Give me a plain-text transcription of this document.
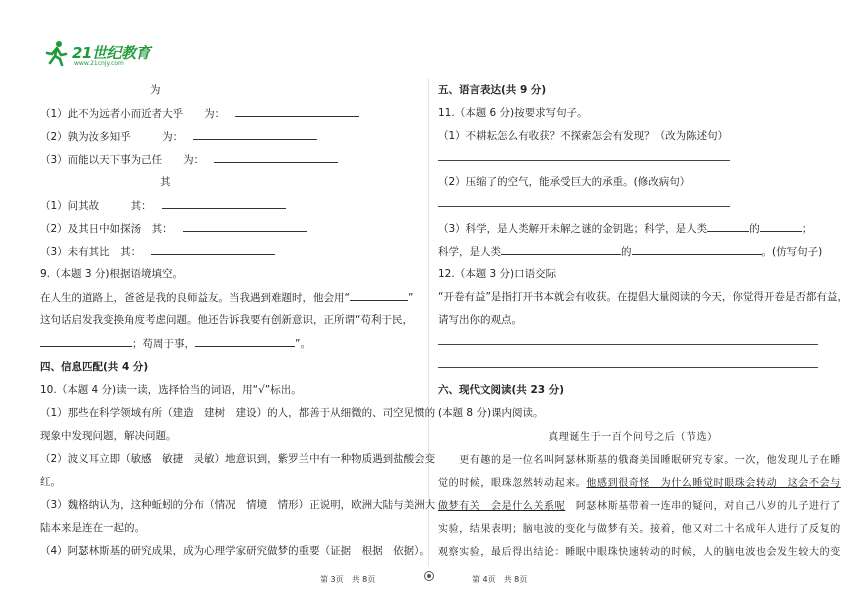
21世纪教育
www.21cnjy.com
为
（1）此不为远者小而近者大乎　　为：
（2）孰为汝多知乎　　　为：
（3）而能以天下事为己任　　为：
其
（1）问其故　　　其：
（2）及其日中如探汤　其：
（3）未有其比　其：
9.（本题 3 分)根据语境填空。
在人生的道路上，爸爸是我的良师益友。当我遇到难题时，他会用“	”
这句话启发我变换角度考虑问题。他还告诉我要有创新意识，正所谓“苟利于民，
；苟周于事，	”。
四、信息匹配(共 4 分)
10.（本题 4 分)读一读，选择恰当的词语，用“√”标出。
（1）那些在科学领域有所（建造　建树　建设）的人，都善于从细微的、司空见惯的
现象中发现问题，解决问题。
（2）波义耳立即（敏感　敏捷　灵敏）地意识到，紫罗兰中有一种物质遇到盐酸会变
红。
（3）魏格纳认为，这种蚯蚓的分布（情况　情境　情形）正说明，欧洲大陆与美洲大
陆本来是连在一起的。
（4）阿瑟林斯基的研究成果，成为心理学家研究做梦的重要（证据　根据　依据）。
五、语言表达(共 9 分)
11.（本题 6 分)按要求写句子。
（1）不耕耘怎么有收获？不探索怎会有发现？（改为陈述句）
（2）压缩了的空气，能承受巨大的承重。(修改病句）
（3）科学，是人类解开未解之谜的金钥匙；科学，是人类	的	；
科学，是人类	的	。(仿写句子)
12.（本题 3 分)口语交际
“开卷有益”是指打开书本就会有收获。在提倡大量阅读的今天，你觉得开卷是否都有益，
请写出你的观点。
六、现代文阅读(共 23 分)
(本题 8 分)课内阅读。
真理诞生于一百个问号之后（节选）
　　更有趣的是一位名叫阿瑟林斯基的俄裔美国睡眠研究专家。一次，他发现儿子在睡
觉的时候，眼珠忽然转动起来。他感到很奇怪　为什么睡觉时眼珠会转动　这会不会与
做梦有关　会是什么关系呢　 阿瑟林斯基带着一连串的疑问，对自己八岁的儿子进行了
实验，结果表明；脑电波的变化与做梦有关。接着，他又对二十名成年人进行了反复的
观察实验，最后得出结论：睡眠中眼珠快速转动的时候，人的脑电波也会发生较大的变
第 3页　共 8页	第 4页　共 8页
